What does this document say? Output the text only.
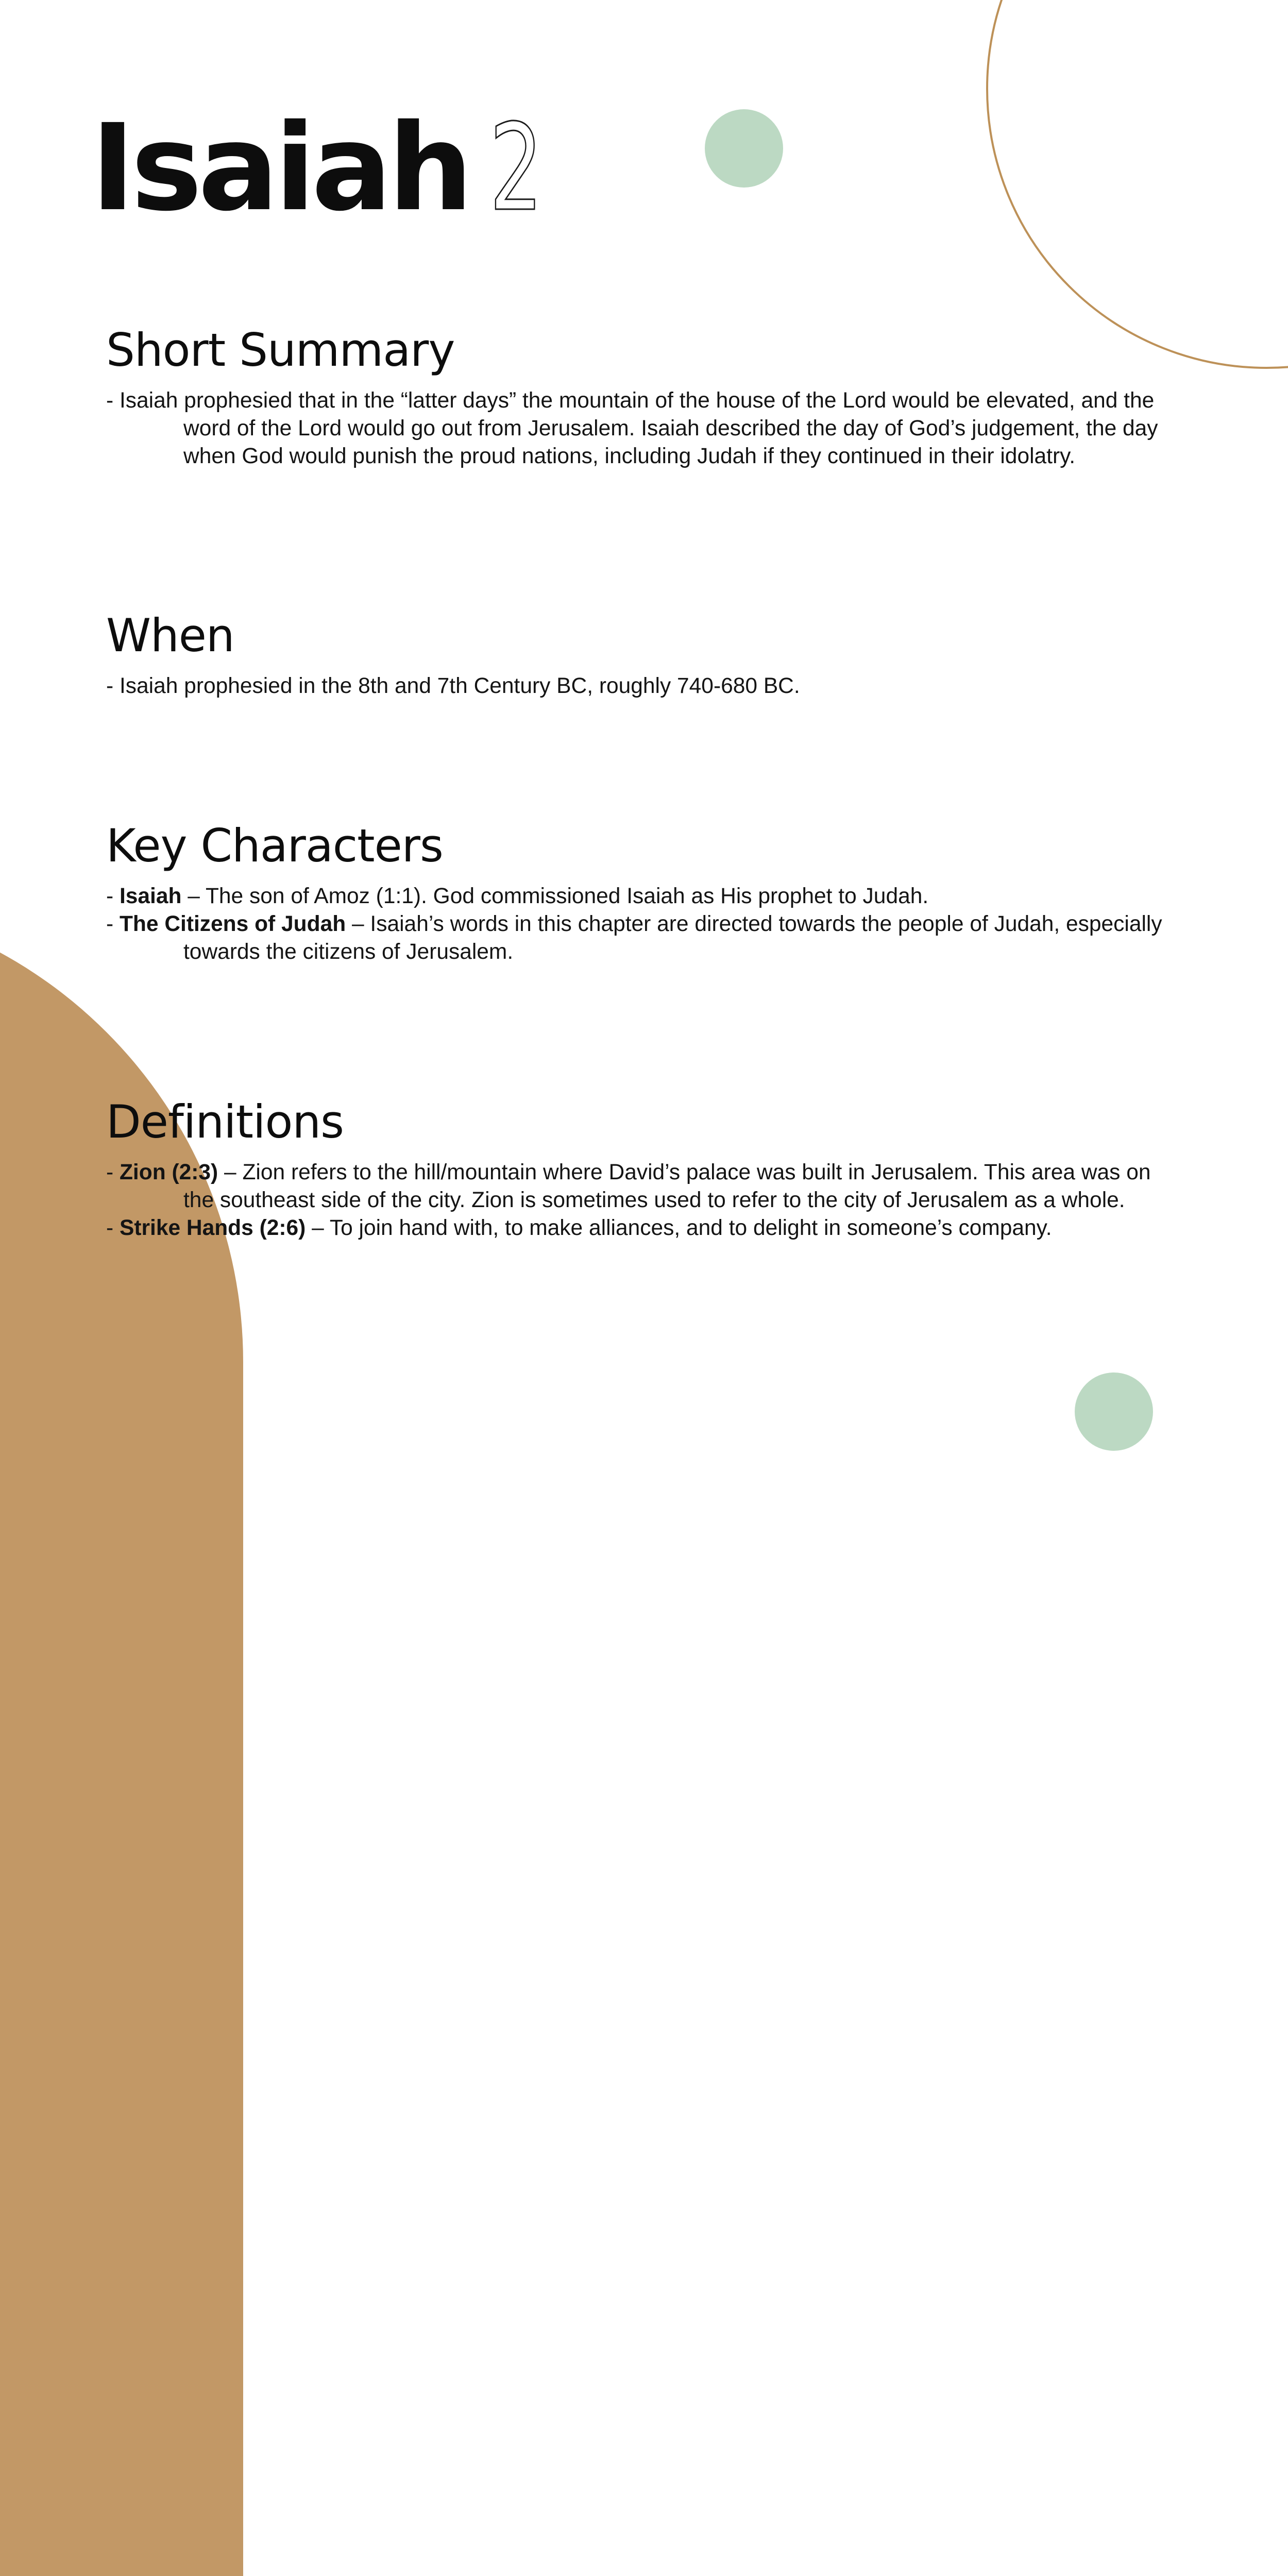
Isaiah 2
Short Summary
- Isaiah prophesied that in the “latter days” the mountain of the house of the Lord would be elevated, and the word of the Lord would go out from Jerusalem. Isaiah described the day of God’s judgement, the day when God would punish the proud nations, including Judah if they continued in their idolatry.
When
- Isaiah prophesied in the 8th and 7th Century BC, roughly 740-680 BC.
Key Characters
- Isaiah – The son of Amoz (1:1). God commissioned Isaiah as His prophet to Judah.
- The Citizens of Judah – Isaiah’s words in this chapter are directed towards the people of Judah, especially towards the citizens of Jerusalem.
Definitions
- Zion (2:3) – Zion refers to the hill/mountain where David’s palace was built in Jerusalem. This area was on the southeast side of the city. Zion is sometimes used to refer to the city of Jerusalem as a whole.
- Strike Hands (2:6) – To join hand with, to make alliances, and to delight in someone’s company.
